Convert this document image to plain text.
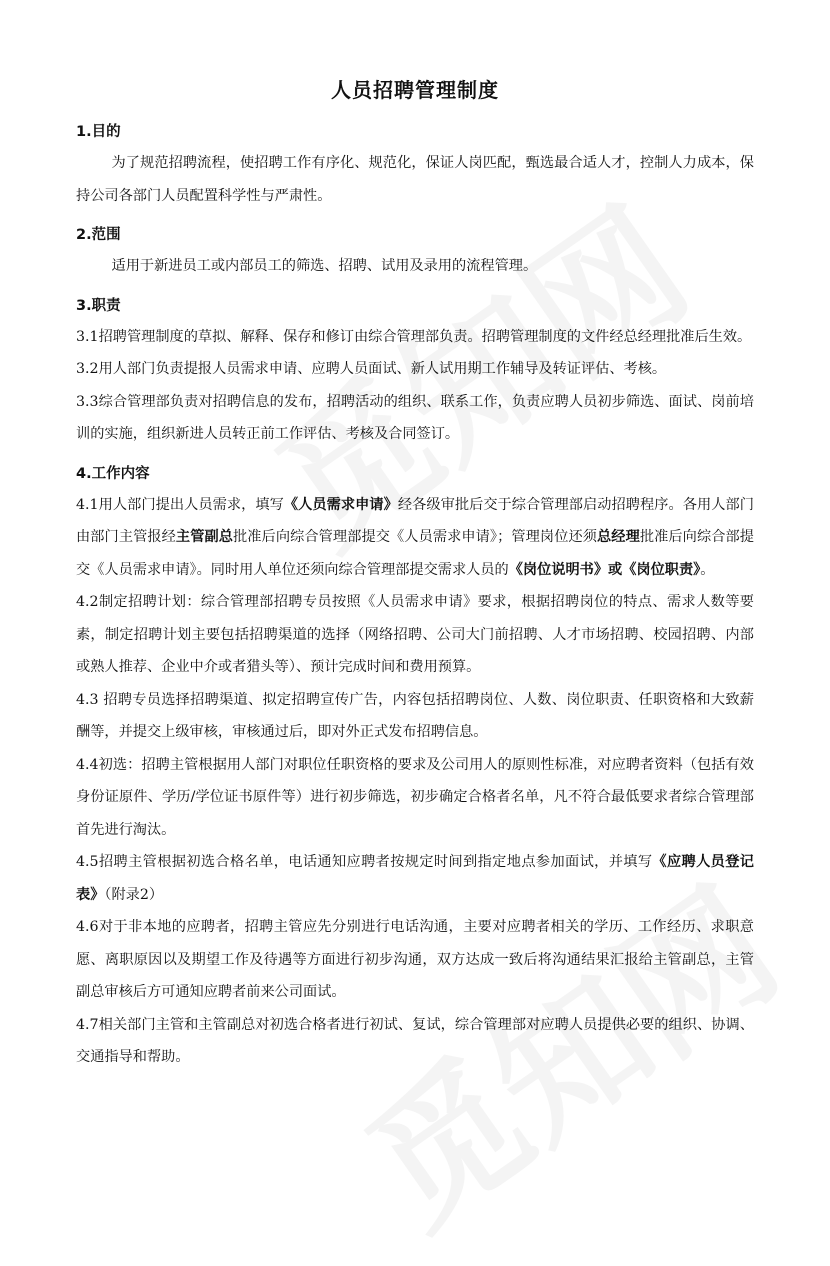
人员招聘管理制度
1.目的

为了规范招聘流程，使招聘工作有序化、规范化，保证人岗匹配，甄选最合适人才，控制人力成本，保持公司各部门人员配置科学性与严肃性。

2.范围

适用于新进员工或内部员工的筛选、招聘、试用及录用的流程管理。

3.职责

3.1招聘管理制度的草拟、解释、保存和修订由综合管理部负责。招聘管理制度的文件经总经理批准后生效。

3.2用人部门负责提报人员需求申请、应聘人员面试、新人试用期工作辅导及转证评估、考核。

3.3综合管理部负责对招聘信息的发布，招聘活动的组织、联系工作，负责应聘人员初步筛选、面试、岗前培训的实施，组织新进人员转正前工作评估、考核及合同签订。

4.工作内容

4.1用人部门提出人员需求，填写《人员需求申请》经各级审批后交于综合管理部启动招聘程序。各用人部门由部门主管报经主管副总批准后向综合管理部提交《人员需求申请》；管理岗位还须总经理批准后向综合部提交《人员需求申请》。同时用人单位还须向综合管理部提交需求人员的《岗位说明书》或《岗位职责》。

4.2制定招聘计划：综合管理部招聘专员按照《人员需求申请》要求，根据招聘岗位的特点、需求人数等要素，制定招聘计划主要包括招聘渠道的选择（网络招聘、公司大门前招聘、人才市场招聘、校园招聘、内部或熟人推荐、企业中介或者猎头等）、预计完成时间和费用预算。

4.3 招聘专员选择招聘渠道、拟定招聘宣传广告，内容包括招聘岗位、人数、岗位职责、任职资格和大致薪酬等，并提交上级审核，审核通过后，即对外正式发布招聘信息。

4.4初选：招聘主管根据用人部门对职位任职资格的要求及公司用人的原则性标准，对应聘者资料（包括有效身份证原件、学历/学位证书原件等）进行初步筛选，初步确定合格者名单，凡不符合最低要求者综合管理部首先进行淘汰。

4.5招聘主管根据初选合格名单，电话通知应聘者按规定时间到指定地点参加面试，并填写《应聘人员登记表》（附录2）

4.6对于非本地的应聘者，招聘主管应先分别进行电话沟通，主要对应聘者相关的学历、工作经历、求职意愿、离职原因以及期望工作及待遇等方面进行初步沟通，双方达成一致后将沟通结果汇报给主管副总，主管副总审核后方可通知应聘者前来公司面试。

4.7相关部门主管和主管副总对初选合格者进行初试、复试，综合管理部对应聘人员提供必要的组织、协调、交通指导和帮助。
